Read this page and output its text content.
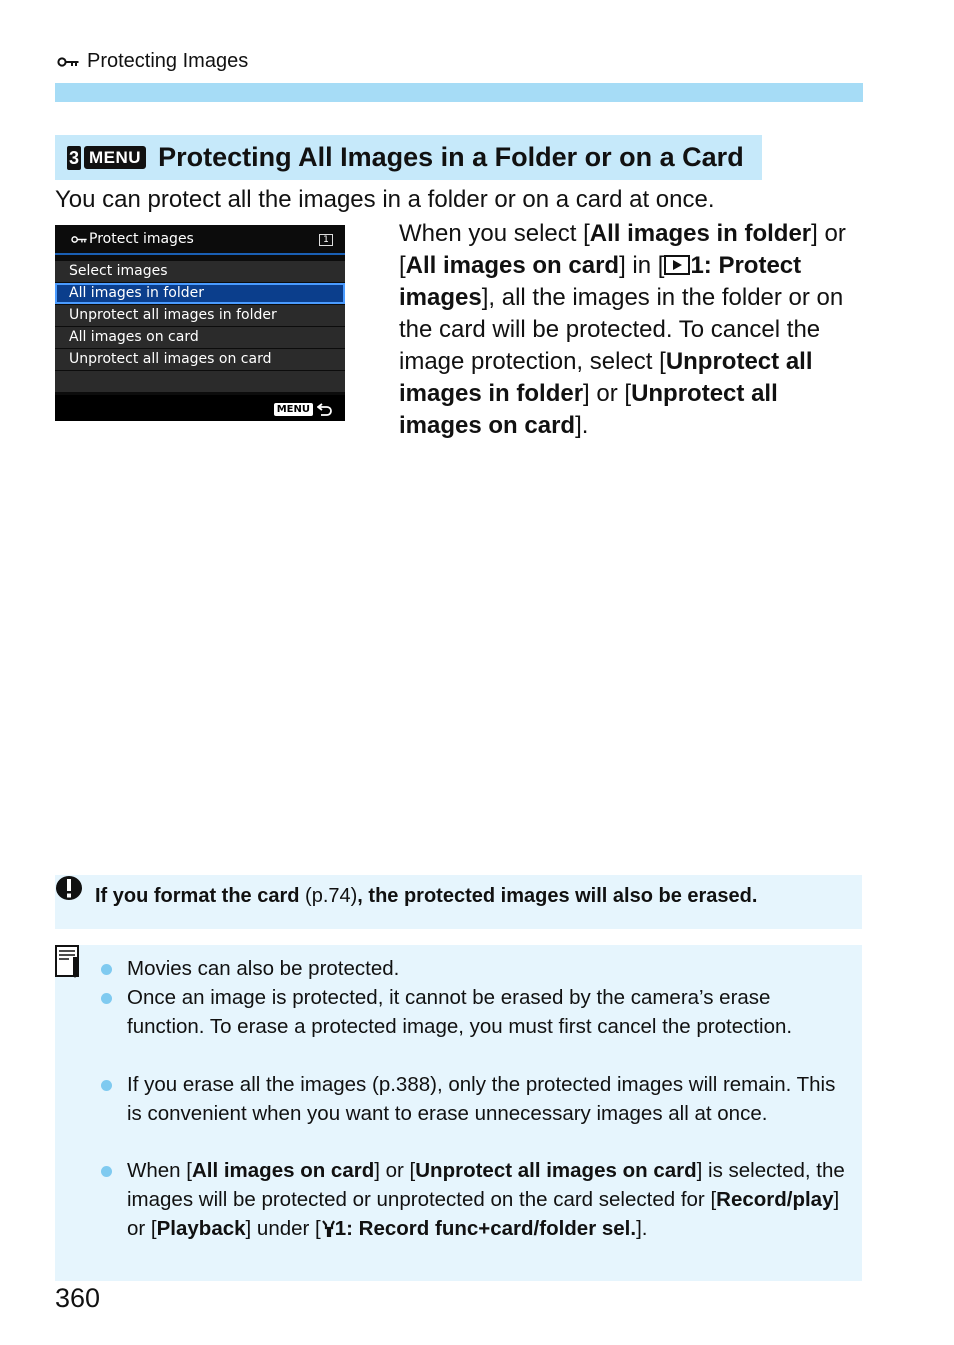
Protecting Images
3 MENU Protecting All Images in a Folder or on a Card
You can protect all the images in a folder or on a card at once.
Protect images	1
Select images
All images in folder
Unprotect all images in folder
All images on card
Unprotect all images on card
MENU
When you select [All images in folder] or [All images on card] in [ 1: Protect images], all the images in the folder or on the card will be protected. To cancel the image protection, select [Unprotect all images in folder] or [Unprotect all images on card].
If you format the card (p.74), the protected images will also be erased.
Movies can also be protected.
Once an image is protected, it cannot be erased by the camera’s erase function. To erase a protected image, you must first cancel the protection.
If you erase all the images (p.388), only the protected images will remain. This is convenient when you want to erase unnecessary images all at once.
When [All images on card] or [Unprotect all images on card] is selected, the images will be protected or unprotected on the card selected for [Record/play] or [Playback] under [ 1: Record func+card/folder sel.].
360
